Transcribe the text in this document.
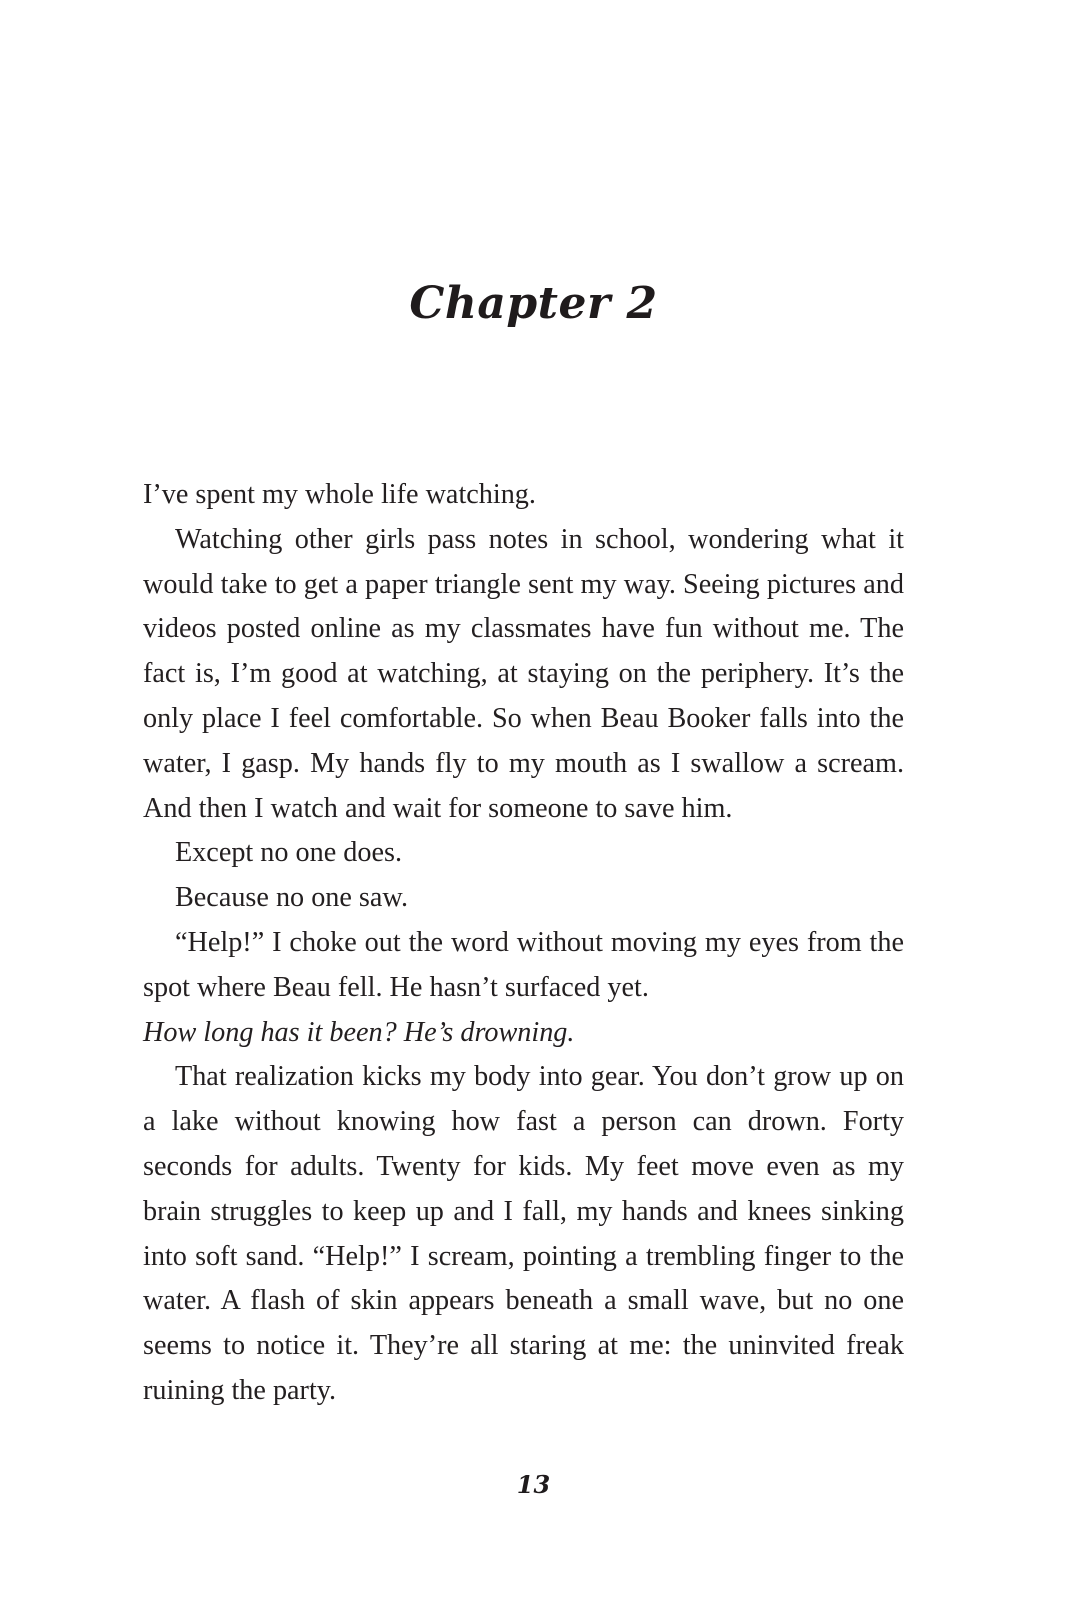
Chapter 2

I’ve spent my whole life watching.

Watching other girls pass notes in school, wondering what it would take to get a paper triangle sent my way. Seeing pictures and videos posted online as my classmates have fun without me. The fact is, I’m good at watching, at staying on the periphery. It’s the only place I feel comfortable. So when Beau Booker falls into the water, I gasp. My hands fly to my mouth as I swallow a scream. And then I watch and wait for someone to save him.

Except no one does.

Because no one saw.

“Help!” I choke out the word without moving my eyes from the spot where Beau fell. He hasn’t surfaced yet.

How long has it been? He’s drowning.

That realization kicks my body into gear. You don’t grow up on a lake without knowing how fast a person can drown. Forty seconds for adults. Twenty for kids. My feet move even as my brain struggles to keep up and I fall, my hands and knees sinking into soft sand. “Help!” I scream, pointing a trembling finger to the water. A flash of skin appears beneath a small wave, but no one seems to notice it. They’re all staring at me: the uninvited freak ruining the party.

13
